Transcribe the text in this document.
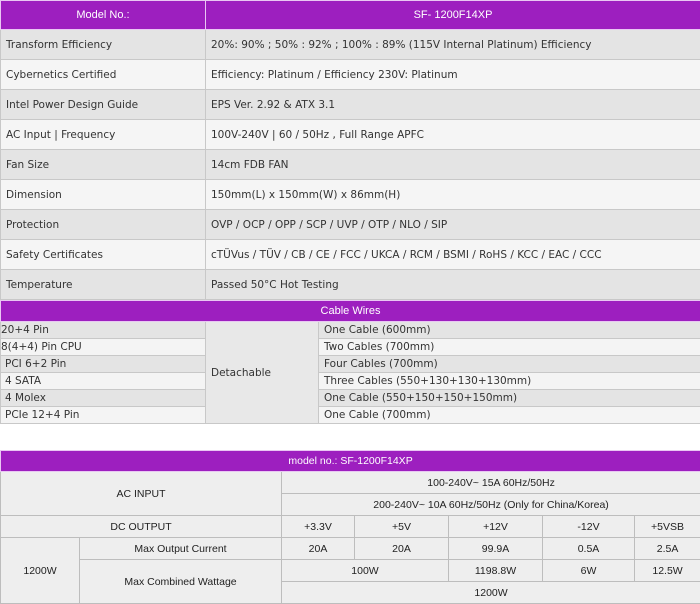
Model No.:	SF- 1200F14XP
Transform Efficiency	20%: 90% ; 50% : 92% ; 100% : 89% (115V Internal Platinum) Efficiency
Cybernetics Certified	Efficiency: Platinum / Efficiency 230V: Platinum
Intel Power Design Guide	EPS Ver. 2.92 & ATX 3.1
AC Input | Frequency	100V-240V | 60 / 50Hz , Full Range APFC
Fan Size	14cm FDB FAN
Dimension	150mm(L) x 150mm(W) x 86mm(H)
Protection	OVP / OCP / OPP / SCP / UVP / OTP / NLO / SIP
Safety Certificates	cTÜVus / TÜV / CB / CE / FCC / UKCA / RCM / BSMI / RoHS / KCC / EAC / CCC
Temperature	Passed 50°C Hot Testing
Cable Wires		
20+4 Pin	Detachable	One Cable (600mm)
8(4+4) Pin CPU		Two Cables (700mm)
PCI 6+2 Pin		Four Cables (700mm)
4 SATA		Three Cables (550+130+130+130mm)
4 Molex		One Cable (550+150+150+150mm)
PCIe 12+4 Pin		One Cable (700mm)
model no.: SF-1200F14XP						
AC INPUT		100-240V~ 15A 60Hz/50Hz				
		200-240V~ 10A 60Hz/50Hz (Only for China/Korea)				
DC OUTPUT		+3.3V	+5V	+12V	-12V	+5VSB
1200W	Max Output Current	20A	20A	99.9A	0.5A	2.5A
	Max Combined Wattage	100W		1198.8W	6W	12.5W
		1200W				
